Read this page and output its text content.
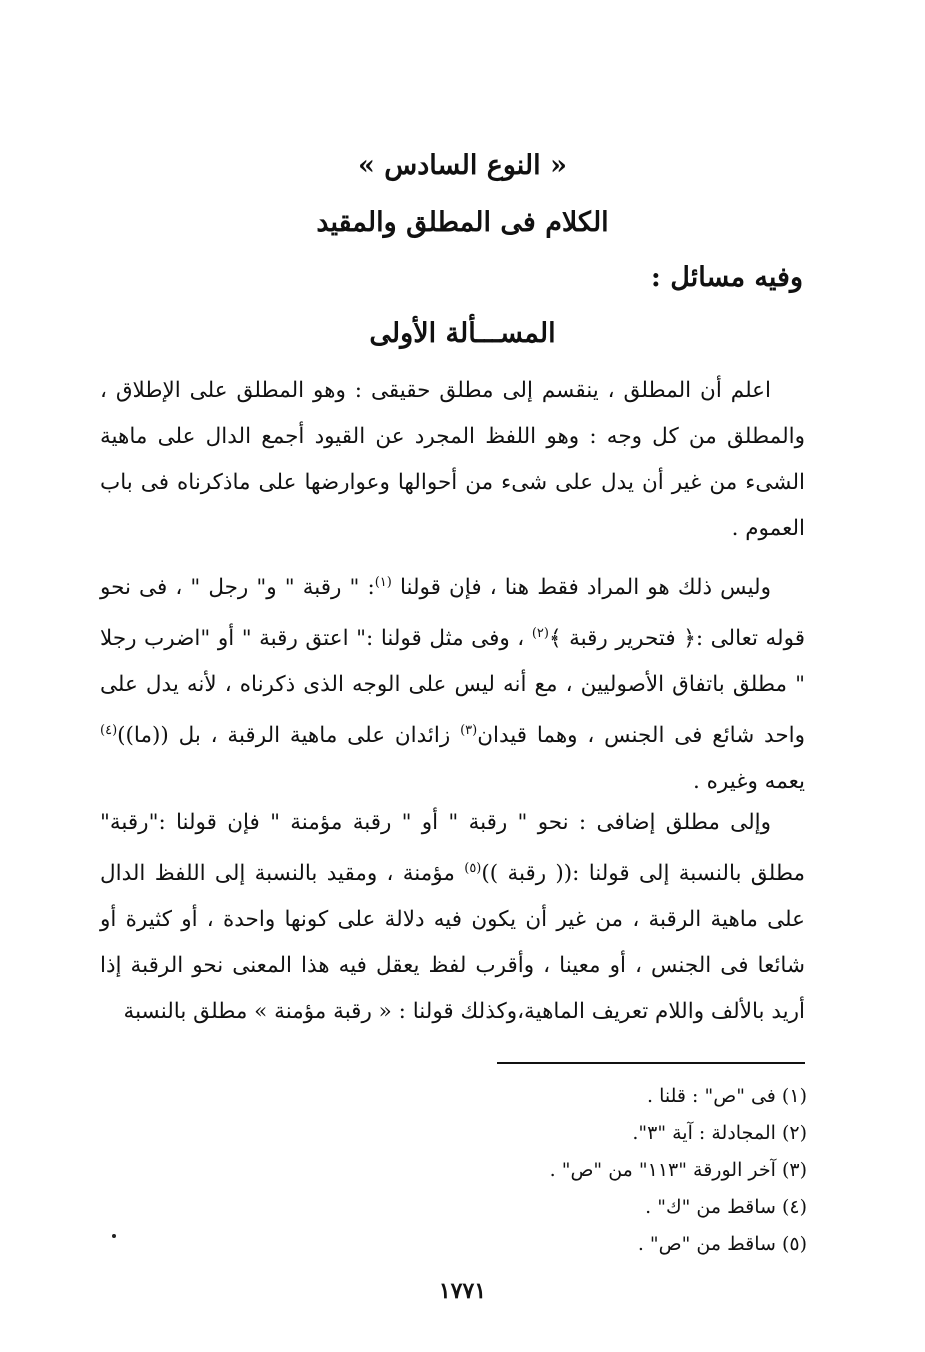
« النوع السادس »
الكلام فى المطلق والمقيد
وفيه مسائل :
المســـألة الأولى
اعلم أن المطلق ، ينقسم إلى مطلق حقيقى : وهو المطلق على الإطلاق ، والمطلق من كل وجه : وهو اللفظ المجرد عن القيود أجمع الدال على ماهية الشىء من غير أن يدل على شىء من أحوالها وعوارضها على ماذكرناه فى باب العموم .
وليس ذلك هو المراد فقط هنا ، فإن قولنا $^{(١)}$: " رقبة " و" رجل " ، فى نحو قوله تعالى :﴿ فتحرير رقبة ﴾$^{(٢)}$ ، وفى مثل قولنا :" اعتق رقبة " أو "اضرب رجلا " مطلق باتفاق الأصوليين ، مع أنه ليس على الوجه الذى ذكرناه ، لأنه يدل على واحد شائع فى الجنس ، وهما قيدان$^{(٣)}$ زائدان على ماهية الرقبة ، بل ((ما))$^{(٤)}$ يعمه وغيره .
وإلى مطلق إضافى : نحو " رقبة " أو " رقبة مؤمنة " فإن قولنا :"رقبة" مطلق بالنسبة إلى قولنا :(( رقبة ))$^{(٥)}$ مؤمنة ، ومقيد بالنسبة إلى اللفظ الدال على ماهية الرقبة ، من غير أن يكون فيه دلالة على كونها واحدة ، أو كثيرة أو شائعا فى الجنس ، أو معينا ، وأقرب لفظ يعقل فيه هذا المعنى نحو الرقبة إذا أريد بالألف واللام تعريف الماهية،وكذلك قولنا : « رقبة مؤمنة » مطلق بالنسبة
(١) فى "ص" : قلنا .
(٢) المجادلة : آية "٣".
(٣) آخر الورقة "١١٣" من "ص" .
(٤) ساقط من "ك" .
(٥) ساقط من "ص" .
١٧٧١
